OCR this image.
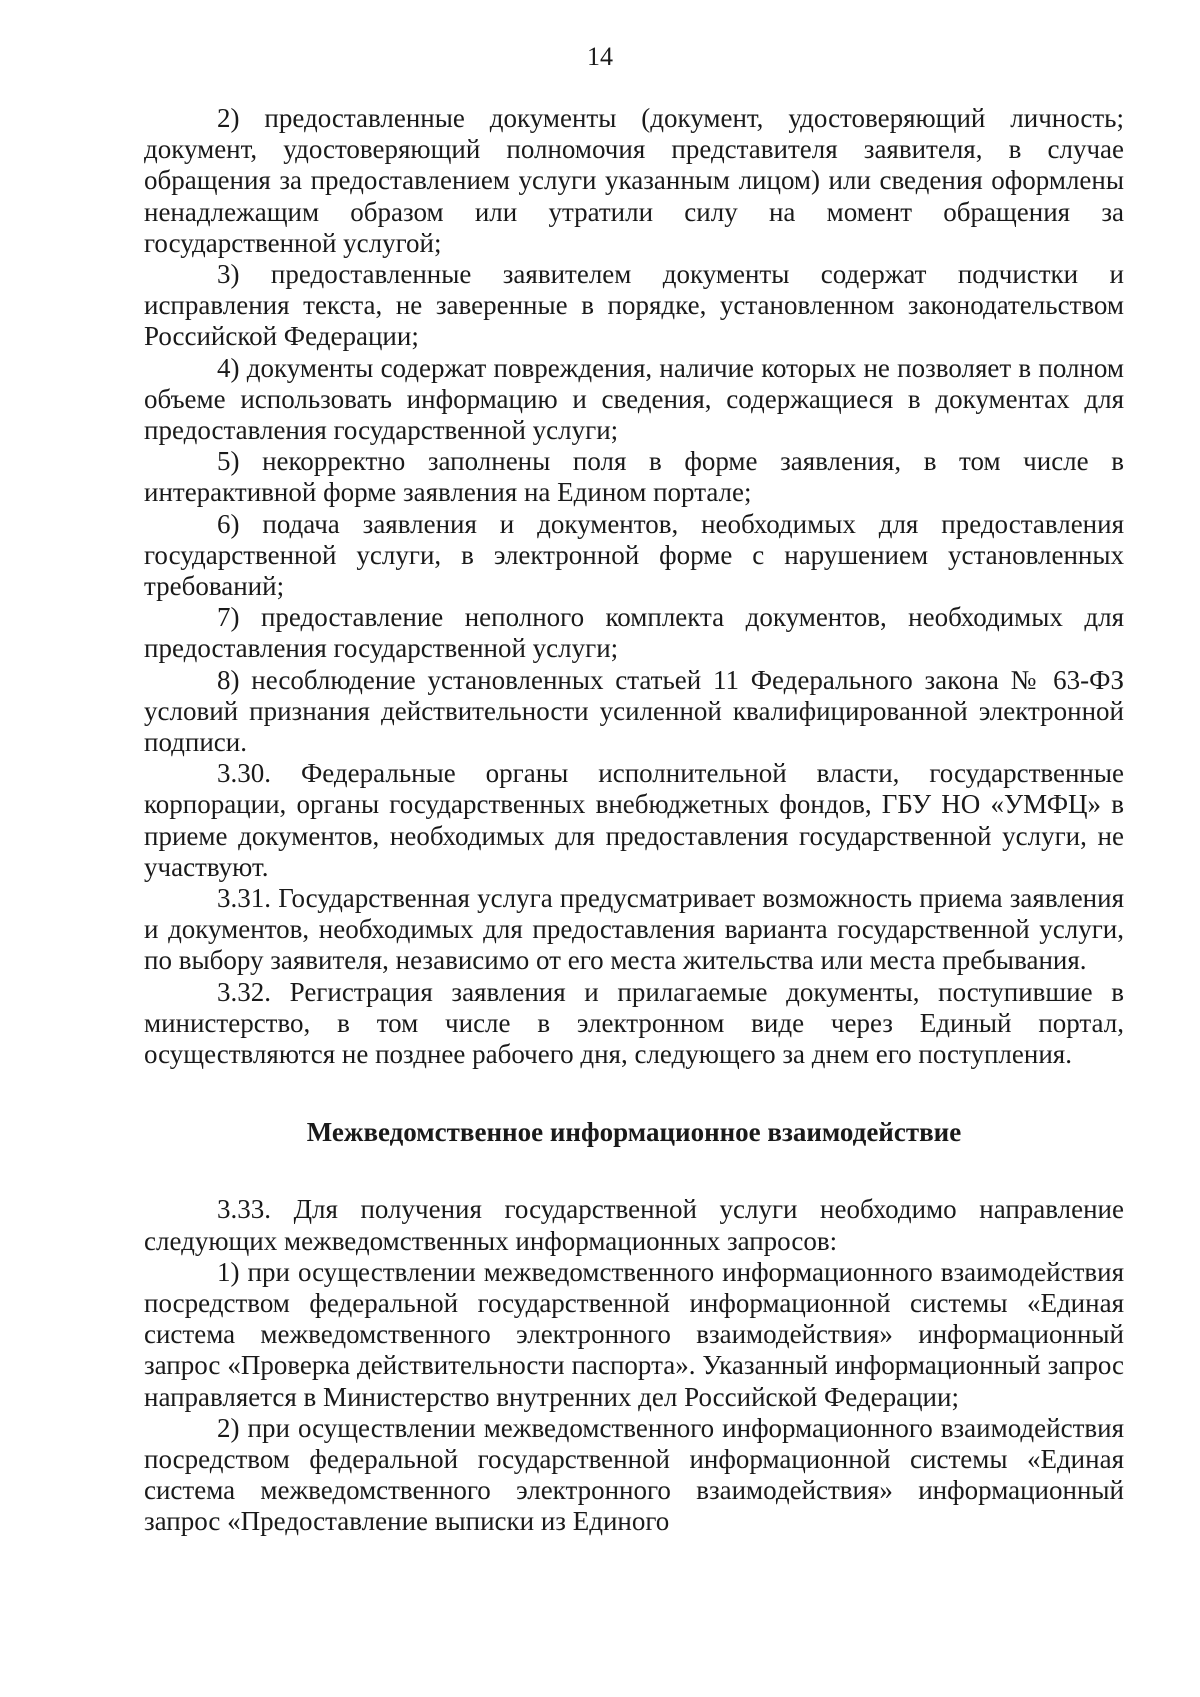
14

2) предоставленные документы (документ, удостоверяющий личность; документ, удостоверяющий полномочия представителя заявителя, в случае обращения за предоставлением услуги указанным лицом) или сведения оформлены ненадлежащим образом или утратили силу на момент обращения за государственной услугой;

3) предоставленные заявителем документы содержат подчистки и исправления текста, не заверенные в порядке, установленном законодательством Российской Федерации;

4) документы содержат повреждения, наличие которых не позволяет в полном объеме использовать информацию и сведения, содержащиеся в документах для предоставления государственной услуги;

5) некорректно заполнены поля в форме заявления, в том числе в интерактивной форме заявления на Едином портале;

6) подача заявления и документов, необходимых для предоставления государственной услуги, в электронной форме с нарушением установленных требований;

7) предоставление неполного комплекта документов, необходимых для предоставления государственной услуги;

8) несоблюдение установленных статьей 11 Федерального закона № 63-ФЗ условий признания действительности усиленной квалифицированной электронной подписи.

3.30. Федеральные органы исполнительной власти, государственные корпорации, органы государственных внебюджетных фондов, ГБУ НО «УМФЦ» в приеме документов, необходимых для предоставления государственной услуги, не участвуют.

3.31. Государственная услуга предусматривает возможность приема заявления и документов, необходимых для предоставления варианта государственной услуги, по выбору заявителя, независимо от его места жительства или места пребывания.

3.32. Регистрация заявления и прилагаемые документы, поступившие в министерство, в том числе в электронном виде через Единый портал, осуществляются не позднее рабочего дня, следующего за днем его поступления.

Межведомственное информационное взаимодействие

3.33. Для получения государственной услуги необходимо направление следующих межведомственных информационных запросов:

1) при осуществлении межведомственного информационного взаимодействия посредством федеральной государственной информационной системы «Единая система межведомственного электронного взаимодействия» информационный запрос «Проверка действительности паспорта». Указанный информационный запрос направляется в Министерство внутренних дел Российской Федерации;

2) при осуществлении межведомственного информационного взаимодействия посредством федеральной государственной информационной системы «Единая система межведомственного электронного взаимодействия» информационный запрос «Предоставление выписки из Единого
